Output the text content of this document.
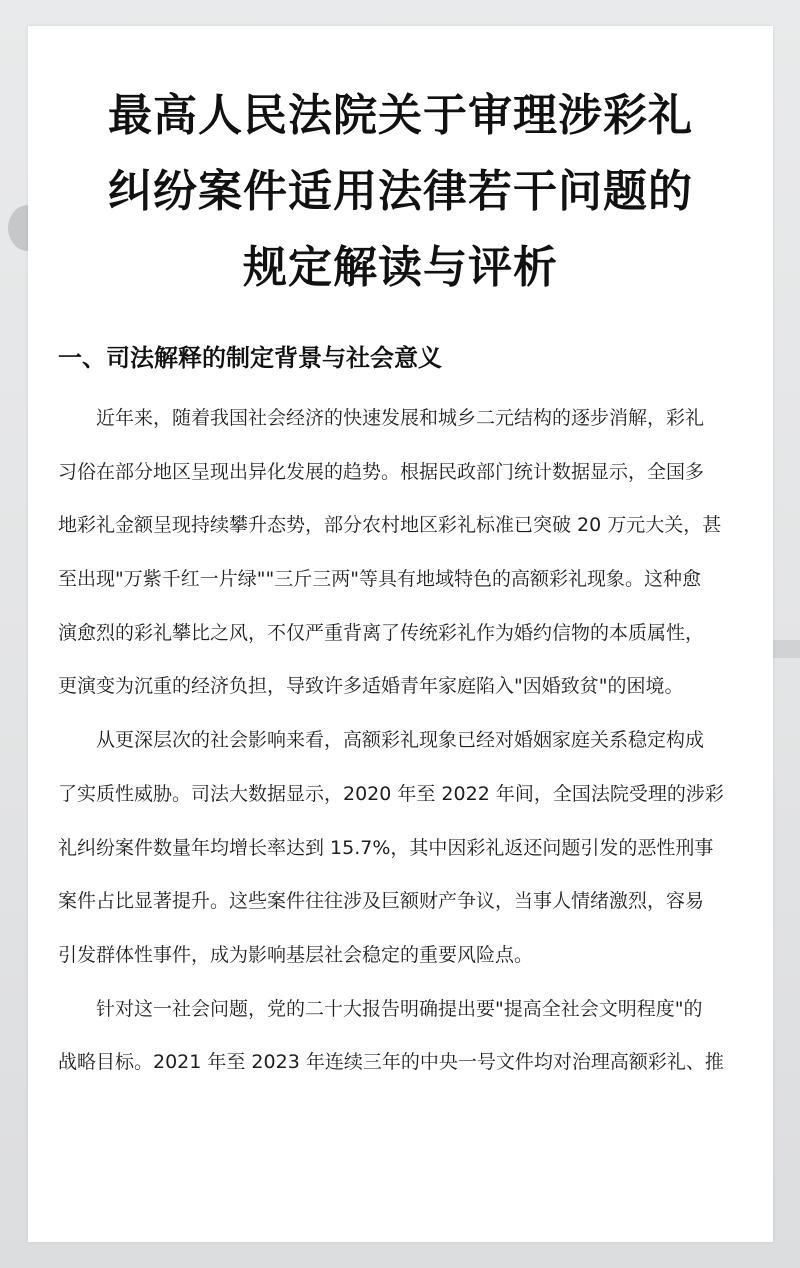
最高人民法院关于审理涉彩礼
纠纷案件适用法律若干问题的
规定解读与评析
一、司法解释的制定背景与社会意义

近年来，随着我国社会经济的快速发展和城乡二元结构的逐步消解，彩礼
习俗在部分地区呈现出异化发展的趋势。根据民政部门统计数据显示，全国多
地彩礼金额呈现持续攀升态势，部分农村地区彩礼标准已突破 20 万元大关，甚
至出现"万紫千红一片绿""三斤三两"等具有地域特色的高额彩礼现象。这种愈
演愈烈的彩礼攀比之风，不仅严重背离了传统彩礼作为婚约信物的本质属性，
更演变为沉重的经济负担，导致许多适婚青年家庭陷入"因婚致贫"的困境。

从更深层次的社会影响来看，高额彩礼现象已经对婚姻家庭关系稳定构成
了实质性威胁。司法大数据显示，2020 年至 2022 年间，全国法院受理的涉彩
礼纠纷案件数量年均增长率达到 15.7%，其中因彩礼返还问题引发的恶性刑事
案件占比显著提升。这些案件往往涉及巨额财产争议，当事人情绪激烈，容易
引发群体性事件，成为影响基层社会稳定的重要风险点。

针对这一社会问题，党的二十大报告明确提出要"提高全社会文明程度"的
战略目标。2021 年至 2023 年连续三年的中央一号文件均对治理高额彩礼、推
